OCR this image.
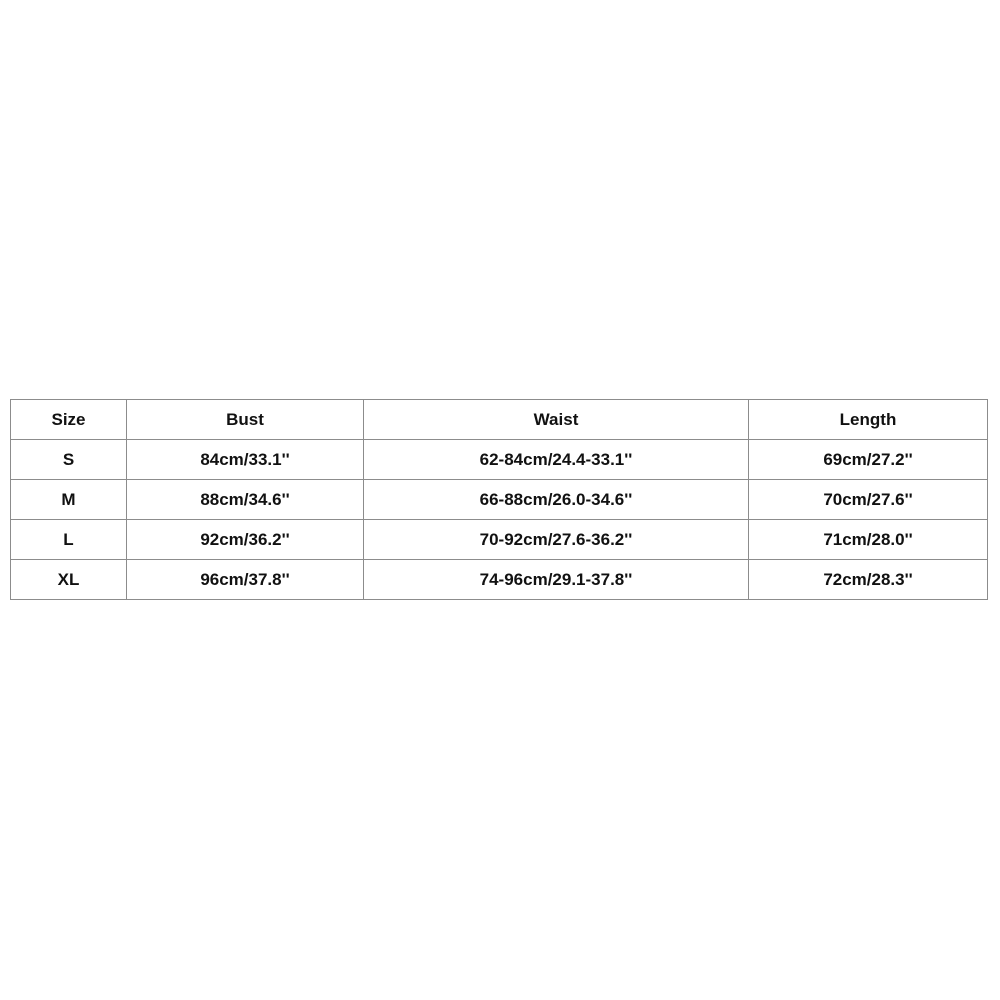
Size	Bust	Waist	Length
S	84cm/33.1''	62-84cm/24.4-33.1''	69cm/27.2''
M	88cm/34.6''	66-88cm/26.0-34.6''	70cm/27.6''
L	92cm/36.2''	70-92cm/27.6-36.2''	71cm/28.0''
XL	96cm/37.8''	74-96cm/29.1-37.8''	72cm/28.3''
